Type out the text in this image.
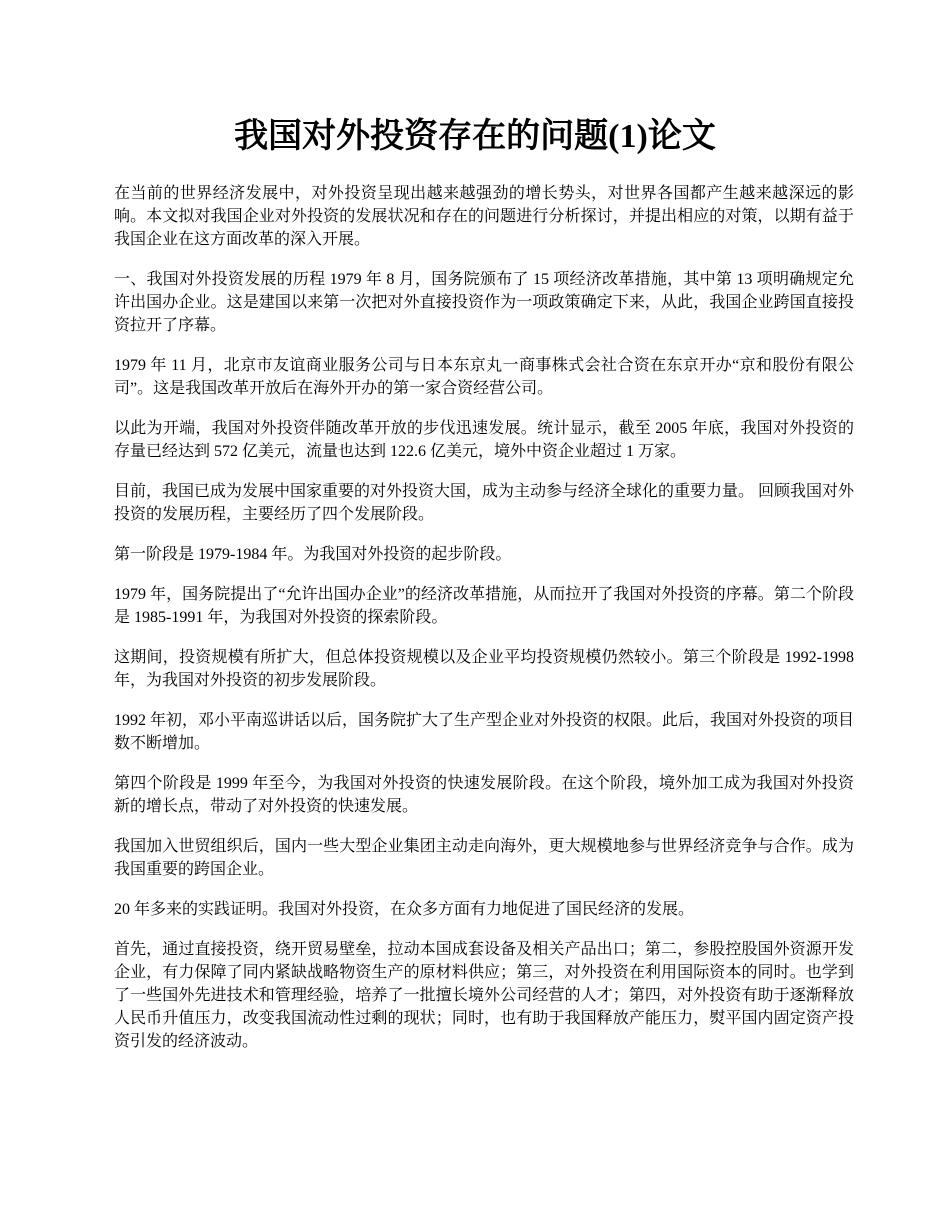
我国对外投资存在的问题(1)论文

在当前的世界经济发展中，对外投资呈现出越来越强劲的增长势头，对世界各国都产生越来越深远的影响。本文拟对我国企业对外投资的发展状况和存在的问题进行分析探讨，并提出相应的对策，以期有益于我国企业在这方面改革的深入开展。

一、我国对外投资发展的历程 1979 年 8 月，国务院颁布了 15 项经济改革措施，其中第 13 项明确规定允许出国办企业。这是建国以来第一次把对外直接投资作为一项政策确定下来，从此，我国企业跨国直接投资拉开了序幕。

1979 年 11 月，北京市友谊商业服务公司与日本东京丸一商事株式会社合资在东京开办“京和股份有限公司”。这是我国改革开放后在海外开办的第一家合资经营公司。

以此为开端，我国对外投资伴随改革开放的步伐迅速发展。统计显示，截至 2005 年底，我国对外投资的存量已经达到 572 亿美元，流量也达到 122.6 亿美元，境外中资企业超过 1 万家。

目前，我国已成为发展中国家重要的对外投资大国，成为主动参与经济全球化的重要力量。 回顾我国对外投资的发展历程，主要经历了四个发展阶段。

第一阶段是 1979-1984 年。为我国对外投资的起步阶段。

1979 年，国务院提出了“允许出国办企业”的经济改革措施，从而拉开了我国对外投资的序幕。第二个阶段是 1985-1991 年，为我国对外投资的探索阶段。

这期间，投资规模有所扩大，但总体投资规模以及企业平均投资规模仍然较小。第三个阶段是 1992-1998 年，为我国对外投资的初步发展阶段。

1992 年初，邓小平南巡讲话以后，国务院扩大了生产型企业对外投资的权限。此后，我国对外投资的项目数不断增加。

第四个阶段是 1999 年至今，为我国对外投资的快速发展阶段。在这个阶段，境外加工成为我国对外投资新的增长点，带动了对外投资的快速发展。

我国加入世贸组织后，国内一些大型企业集团主动走向海外，更大规模地参与世界经济竞争与合作。成为我国重要的跨国企业。

20 年多来的实践证明。我国对外投资，在众多方面有力地促进了国民经济的发展。

首先，通过直接投资，绕开贸易壁垒，拉动本国成套设备及相关产品出口；第二，参股控股国外资源开发企业，有力保障了同内紧缺战略物资生产的原材料供应；第三，对外投资在利用国际资本的同时。也学到了一些国外先进技术和管理经验，培养了一批擅长境外公司经营的人才；第四，对外投资有助于逐渐释放人民币升值压力，改变我国流动性过剩的现状；同时，也有助于我国释放产能压力，熨平国内固定资产投资引发的经济波动。
